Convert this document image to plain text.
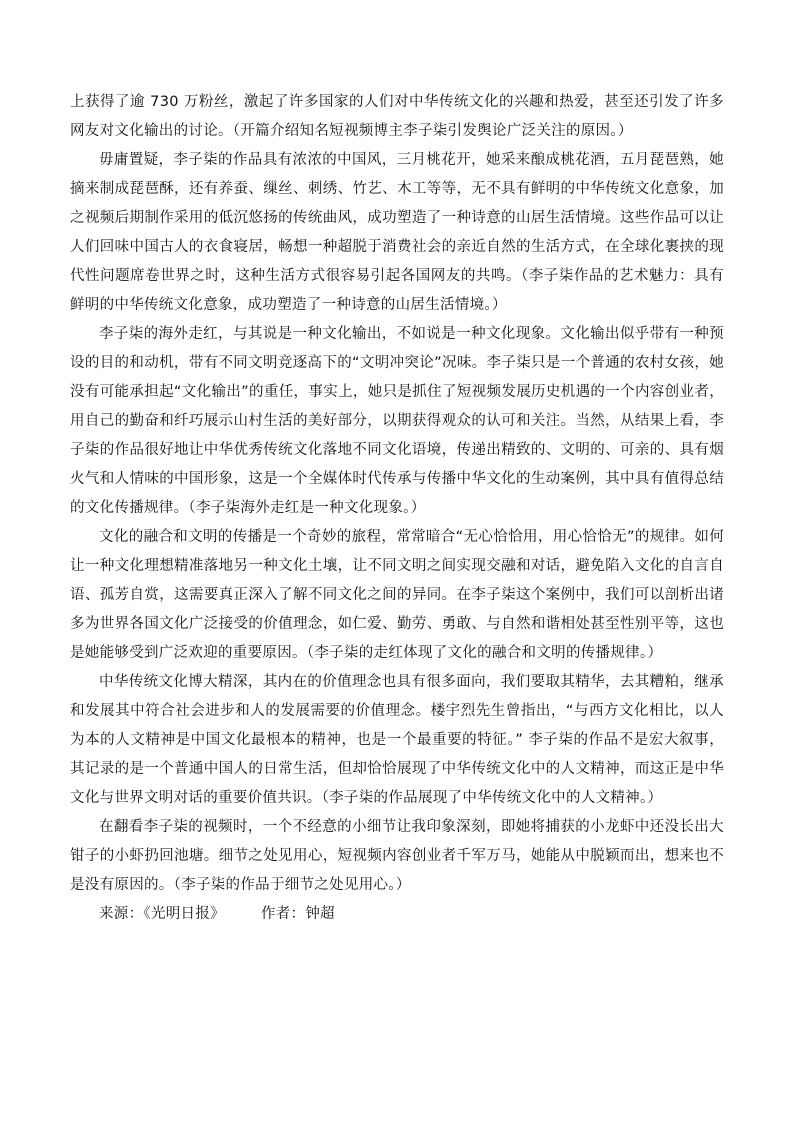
上获得了逾 730 万粉丝，激起了许多国家的人们对中华传统文化的兴趣和热爱，甚至还引发了许多网友对文化输出的讨论。（开篇介绍知名短视频博主李子柒引发舆论广泛关注的原因。）

毋庸置疑，李子柒的作品具有浓浓的中国风，三月桃花开，她采来酿成桃花酒，五月琵琶熟，她摘来制成琵琶酥，还有养蚕、缫丝、刺绣、竹艺、木工等等，无不具有鲜明的中华传统文化意象，加之视频后期制作采用的低沉悠扬的传统曲风，成功塑造了一种诗意的山居生活情境。这些作品可以让人们回味中国古人的衣食寝居，畅想一种超脱于消费社会的亲近自然的生活方式，在全球化裹挟的现代性问题席卷世界之时，这种生活方式很容易引起各国网友的共鸣。（李子柒作品的艺术魅力：具有鲜明的中华传统文化意象，成功塑造了一种诗意的山居生活情境。）

李子柒的海外走红，与其说是一种文化输出，不如说是一种文化现象。文化输出似乎带有一种预设的目的和动机，带有不同文明竞逐高下的“文明冲突论”况味。李子柒只是一个普通的农村女孩，她没有可能承担起“文化输出”的重任，事实上，她只是抓住了短视频发展历史机遇的一个内容创业者，用自己的勤奋和纤巧展示山村生活的美好部分，以期获得观众的认可和关注。当然，从结果上看，李子柒的作品很好地让中华优秀传统文化落地不同文化语境，传递出精致的、文明的、可亲的、具有烟火气和人情味的中国形象，这是一个全媒体时代传承与传播中华文化的生动案例，其中具有值得总结的文化传播规律。（李子柒海外走红是一种文化现象。）

文化的融合和文明的传播是一个奇妙的旅程，常常暗合“无心恰恰用，用心恰恰无”的规律。如何让一种文化理想精准落地另一种文化土壤，让不同文明之间实现交融和对话，避免陷入文化的自言自语、孤芳自赏，这需要真正深入了解不同文化之间的异同。在李子柒这个案例中，我们可以剖析出诸多为世界各国文化广泛接受的价值理念，如仁爱、勤劳、勇敢、与自然和谐相处甚至性别平等，这也是她能够受到广泛欢迎的重要原因。（李子柒的走红体现了文化的融合和文明的传播规律。）

中华传统文化博大精深，其内在的价值理念也具有很多面向，我们要取其精华，去其糟粕，继承和发展其中符合社会进步和人的发展需要的价值理念。楼宇烈先生曾指出，“与西方文化相比，以人为本的人文精神是中国文化最根本的精神，也是一个最重要的特征。” 李子柒的作品不是宏大叙事，其记录的是一个普通中国人的日常生活，但却恰恰展现了中华传统文化中的人文精神，而这正是中华文化与世界文明对话的重要价值共识。（李子柒的作品展现了中华传统文化中的人文精神。）

在翻看李子柒的视频时，一个不经意的小细节让我印象深刻，即她将捕获的小龙虾中还没长出大钳子的小虾扔回池塘。细节之处见用心，短视频内容创业者千军万马，她能从中脱颖而出，想来也不是没有原因的。（李子柒的作品于细节之处见用心。）

来源：《光明日报》 作者：钟超
